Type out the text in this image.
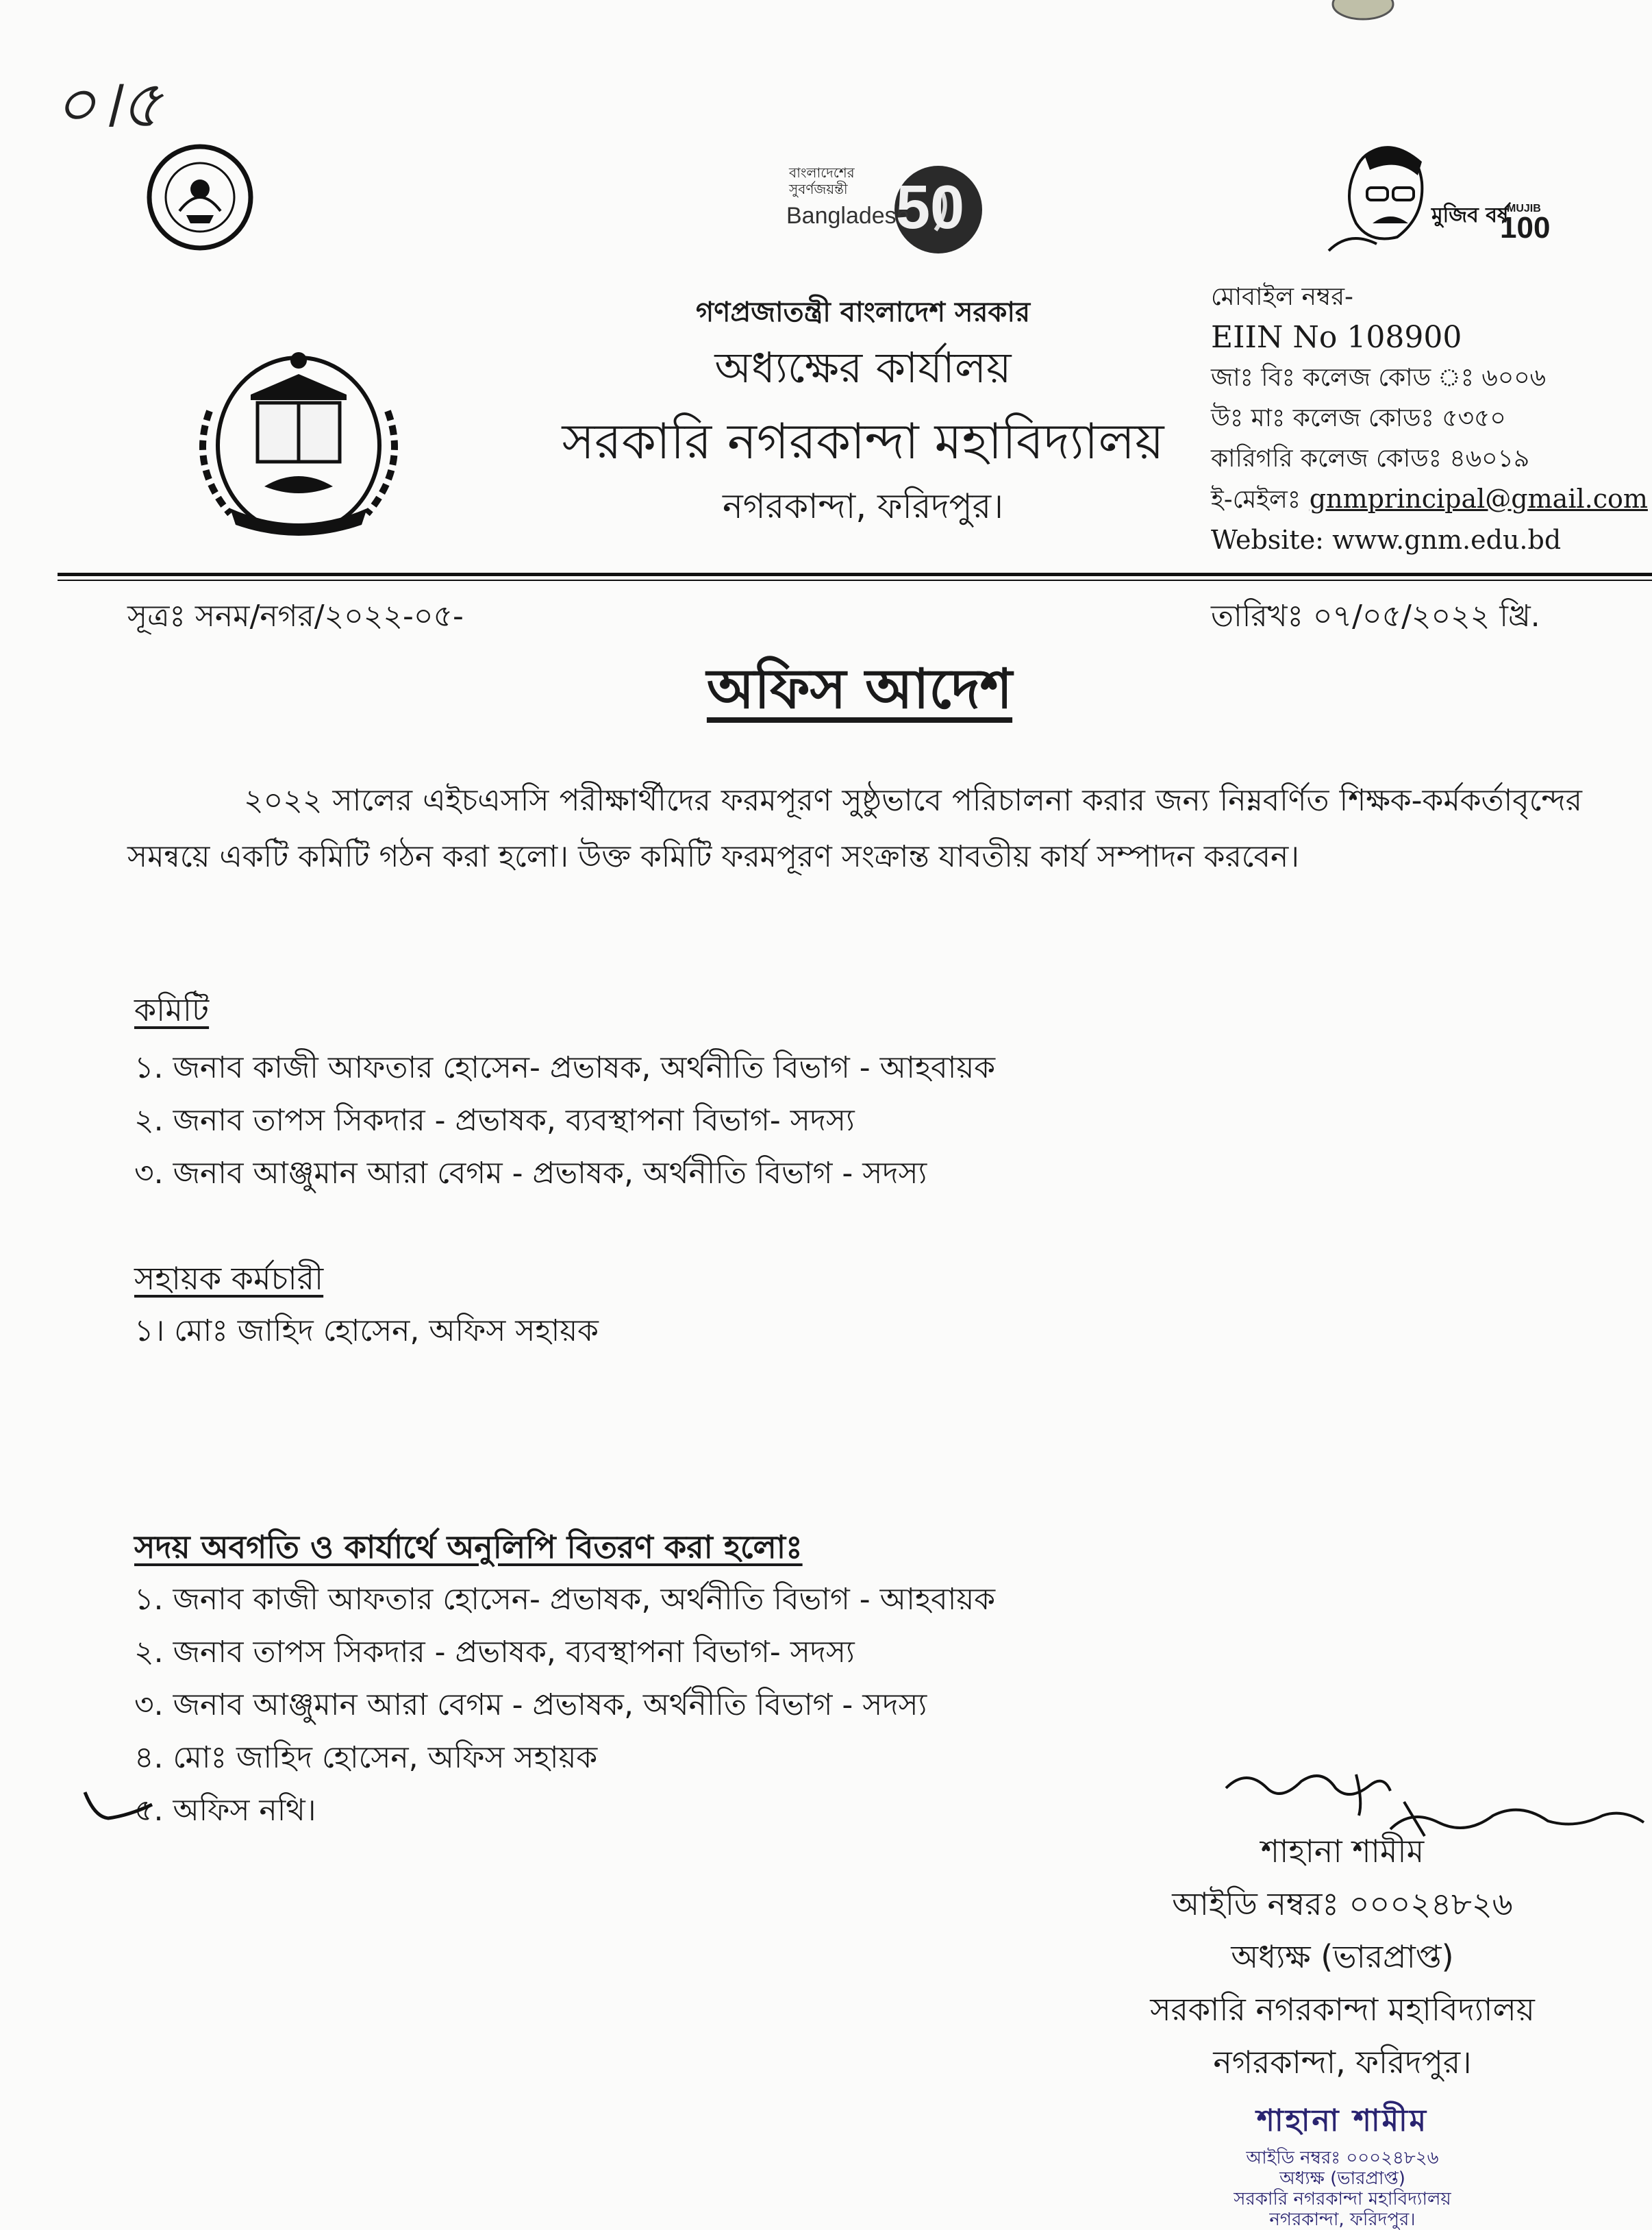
০।৫
বাংলাদেশের সুবর্ণজয়ন্তী
Bangladesh
50	মুজিব বর্ষ
MUJIB
100
গণপ্রজাতন্ত্রী বাংলাদেশ সরকার
অধ্যক্ষের কার্যালয়
সরকারি নগরকান্দা মহাবিদ্যালয়
নগরকান্দা, ফরিদপুর।
মোবাইল নম্বর-
EIIN No 108900
জাঃ বিঃ কলেজ কোড ঃ ৬০০৬
উঃ মাঃ কলেজ কোডঃ ৫৩৫০
কারিগরি কলেজ কোডঃ ৪৬০১৯
ই-মেইলঃ gnmprincipal@gmail.com
Website: www.gnm.edu.bd
সূত্রঃ সনম/নগর/২০২২-০৫-	তারিখঃ ০৭/০৫/২০২২ খ্রি.
অফিস আদেশ
২০২২ সালের এইচএসসি পরীক্ষার্থীদের ফরমপূরণ সুষ্ঠুভাবে পরিচালনা করার জন্য নিম্নবর্ণিত শিক্ষক-কর্মকর্তাবৃন্দের সমন্বয়ে একটি কমিটি গঠন করা হলো। উক্ত কমিটি ফরমপূরণ সংক্রান্ত যাবতীয় কার্য সম্পাদন করবেন।
কমিটি
১. জনাব কাজী আফতার হোসেন- প্রভাষক, অর্থনীতি বিভাগ - আহবায়ক
২. জনাব তাপস সিকদার - প্রভাষক, ব্যবস্থাপনা বিভাগ- সদস্য
৩. জনাব আঞ্জুমান আরা বেগম - প্রভাষক, অর্থনীতি বিভাগ - সদস্য
সহায়ক কর্মচারী
১। মোঃ জাহিদ হোসেন, অফিস সহায়ক
সদয় অবগতি ও কার্যার্থে অনুলিপি বিতরণ করা হলোঃ
১. জনাব কাজী আফতার হোসেন- প্রভাষক, অর্থনীতি বিভাগ - আহবায়ক
২. জনাব তাপস সিকদার - প্রভাষক, ব্যবস্থাপনা বিভাগ- সদস্য
৩. জনাব আঞ্জুমান আরা বেগম - প্রভাষক, অর্থনীতি বিভাগ - সদস্য
৪. মোঃ জাহিদ হোসেন, অফিস সহায়ক
৫. অফিস নথি।
শাহানা শামীম
আইডি নম্বরঃ ০০০২৪৮২৬
অধ্যক্ষ (ভারপ্রাপ্ত)
সরকারি নগরকান্দা মহাবিদ্যালয়
নগরকান্দা, ফরিদপুর।
শাহানা শামীম
আইডি নম্বরঃ ০০০২৪৮২৬
অধ্যক্ষ (ভারপ্রাপ্ত)
সরকারি নগরকান্দা মহাবিদ্যালয়
নগরকান্দা, ফরিদপুর।
